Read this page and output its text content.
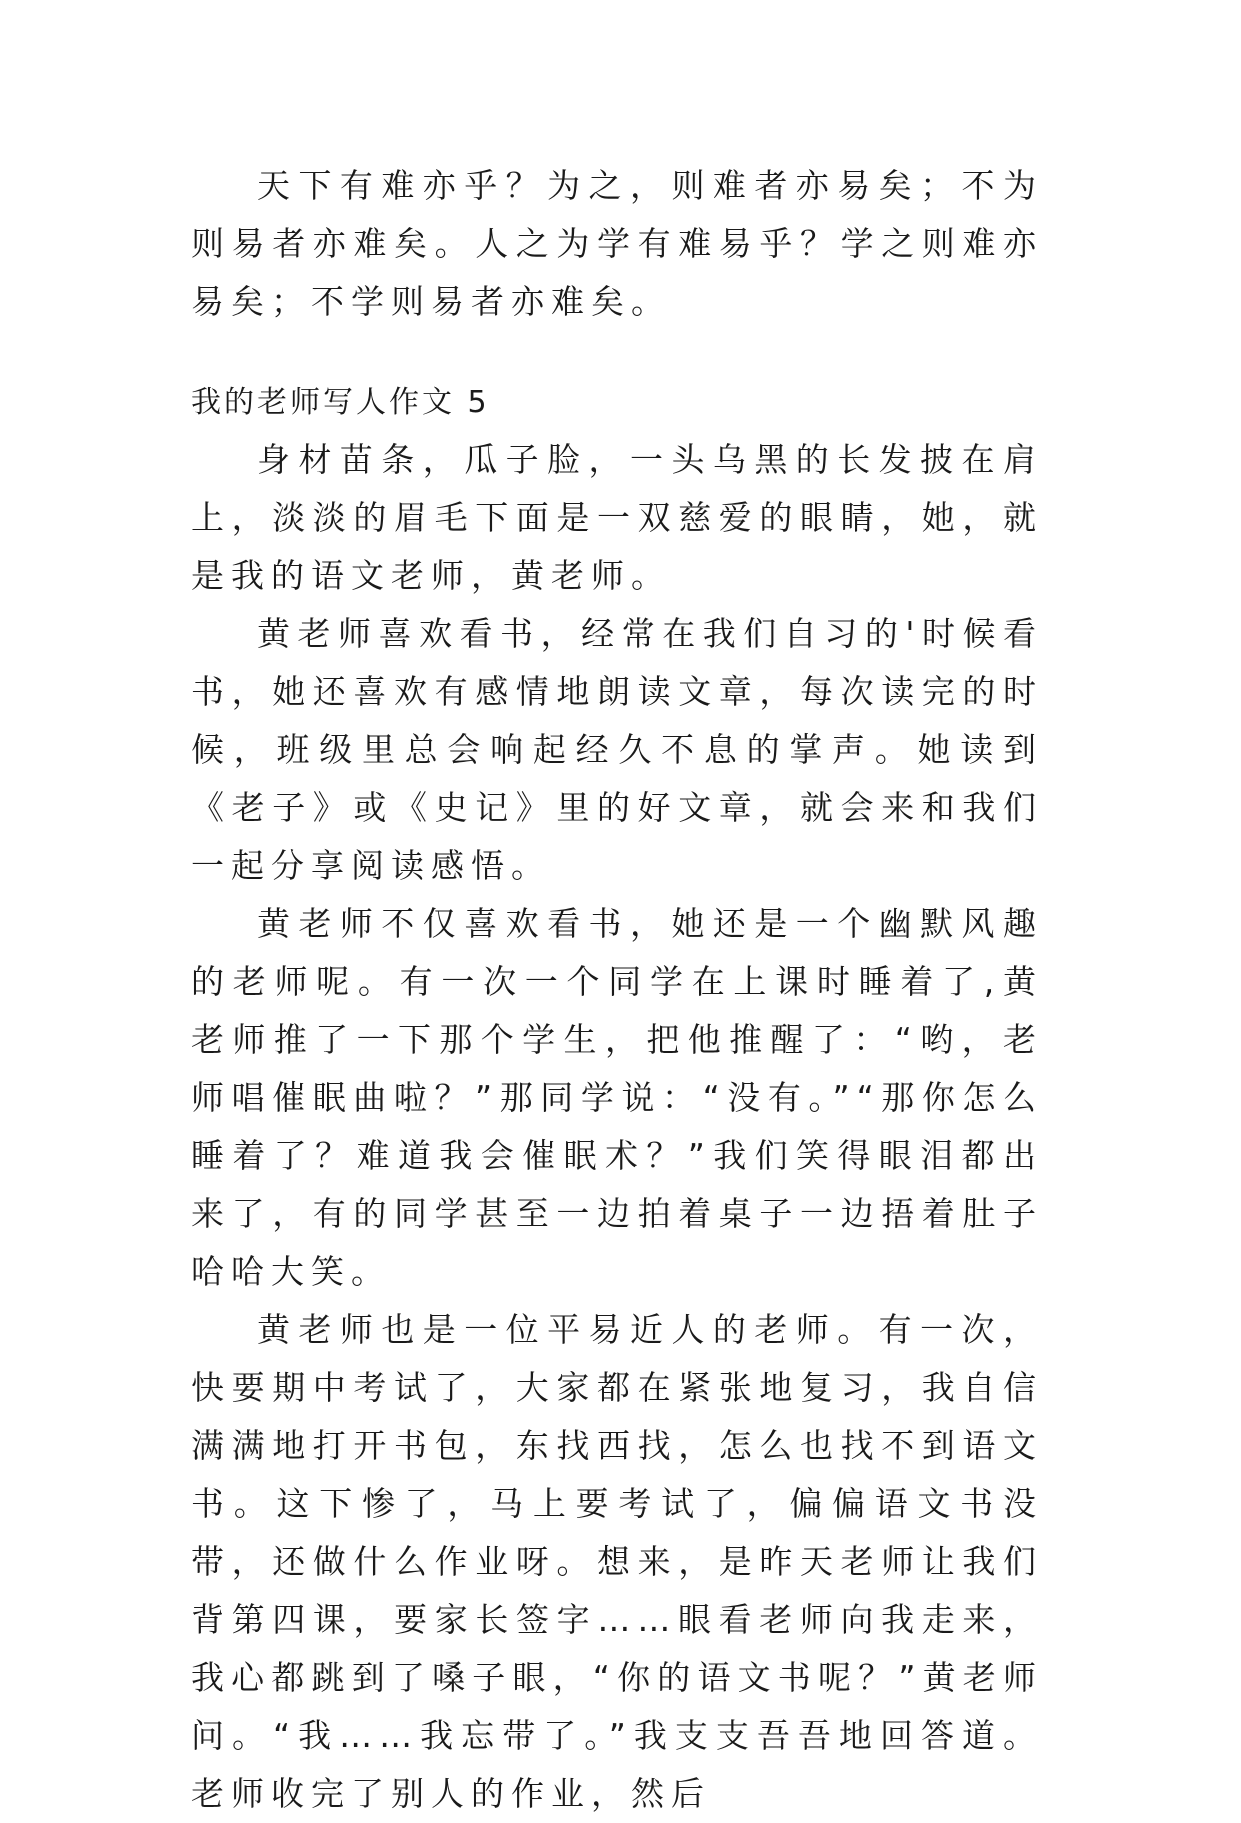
天下有难亦乎？为之，则难者亦易矣；不为则易者亦难矣。人之为学有难易乎？学之则难亦易矣；不学则易者亦难矣。

我的老师写人作文 5

身材苗条，瓜子脸，一头乌黑的长发披在肩上，淡淡的眉毛下面是一双慈爱的眼睛，她，就是我的语文老师，黄老师。

黄老师喜欢看书，经常在我们自习的'时候看书，她还喜欢有感情地朗读文章，每次读完的时候，班级里总会响起经久不息的掌声。她读到《老子》或《史记》里的好文章，就会来和我们一起分享阅读感悟。

黄老师不仅喜欢看书，她还是一个幽默风趣的老师呢。有一次一个同学在上课时睡着了,黄老师推了一下那个学生，把他推醒了：“哟，老师唱催眠曲啦？”那同学说：“没有。”“那你怎么睡着了？难道我会催眠术？”我们笑得眼泪都出来了，有的同学甚至一边拍着桌子一边捂着肚子哈哈大笑。

黄老师也是一位平易近人的老师。有一次，快要期中考试了，大家都在紧张地复习，我自信满满地打开书包，东找西找，怎么也找不到语文书。这下惨了，马上要考试了，偏偏语文书没带，还做什么作业呀。想来，是昨天老师让我们背第四课，要家长签字……眼看老师向我走来，我心都跳到了嗓子眼，“你的语文书呢？”黄老师问。“我……我忘带了。”我支支吾吾地回答道。老师收完了别人的作业，然后
